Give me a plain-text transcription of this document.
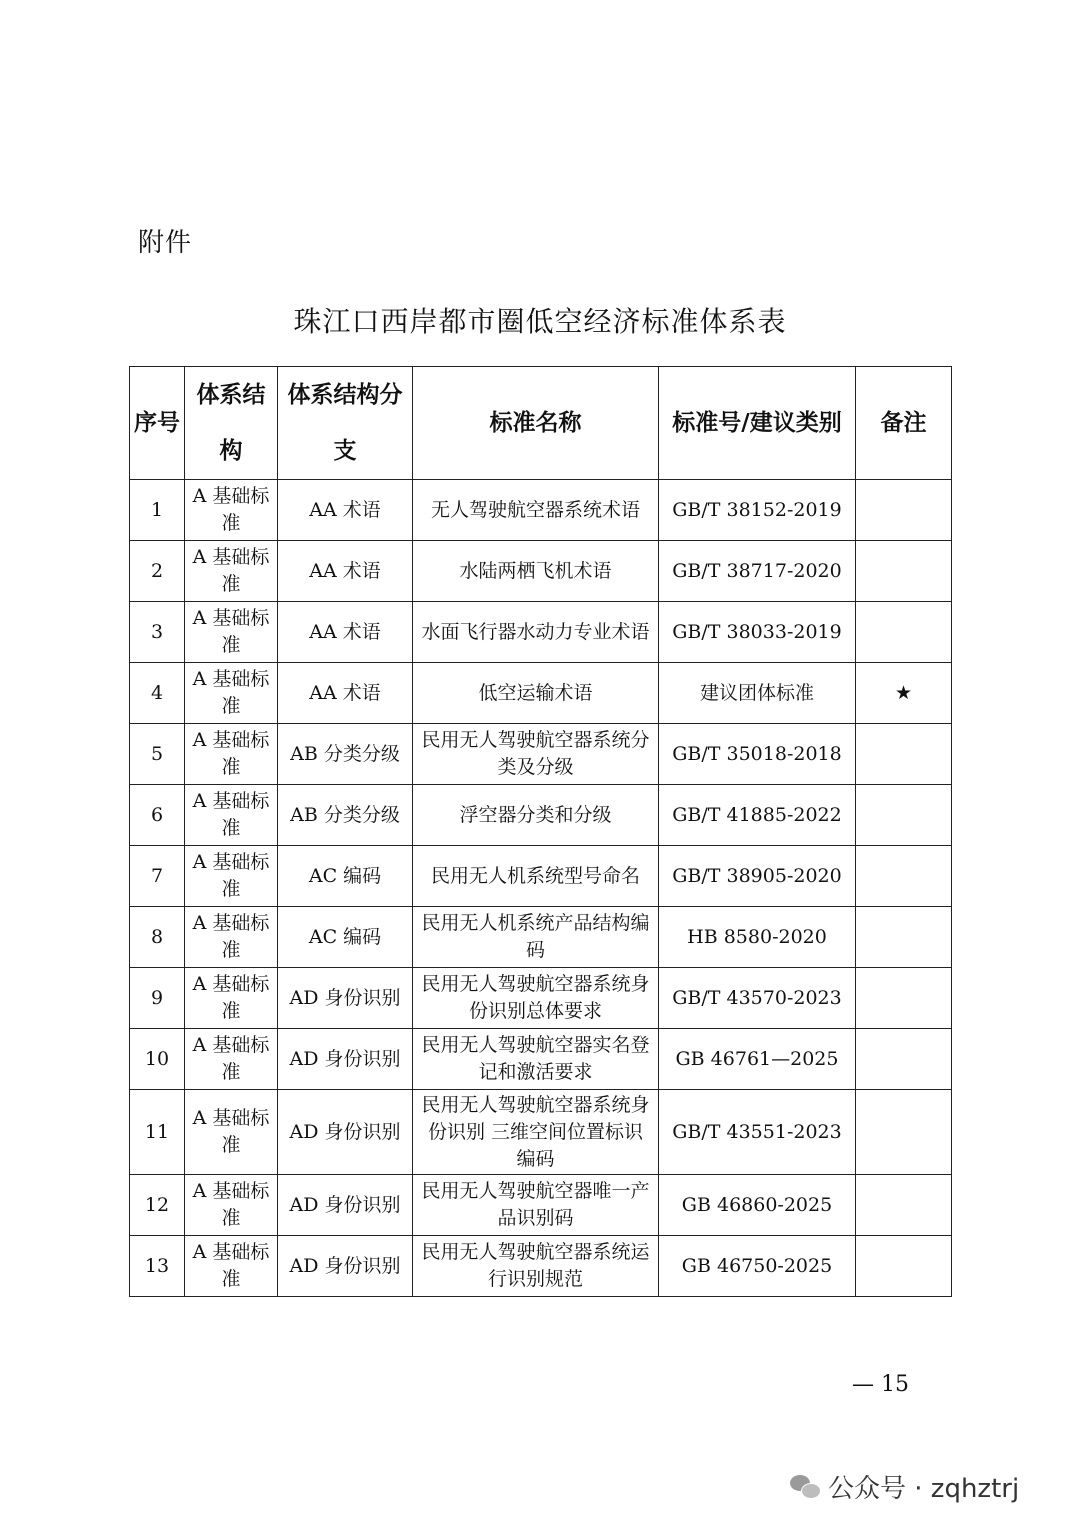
附件
珠江口西岸都市圈低空经济标准体系表
序号	体系结构	体系结构分支	标准名称	标准号/建议类别	备注
1	A 基础标准	AA 术语	无人驾驶航空器系统术语	GB/T 38152-2019	
2	A 基础标准	AA 术语	水陆两栖飞机术语	GB/T 38717-2020	
3	A 基础标准	AA 术语	水面飞行器水动力专业术语	GB/T 38033-2019	
4	A 基础标准	AA 术语	低空运输术语	建议团体标准	★
5	A 基础标准	AB 分类分级	民用无人驾驶航空器系统分类及分级	GB/T 35018-2018	
6	A 基础标准	AB 分类分级	浮空器分类和分级	GB/T 41885-2022	
7	A 基础标准	AC 编码	民用无人机系统型号命名	GB/T 38905-2020	
8	A 基础标准	AC 编码	民用无人机系统产品结构编码	HB 8580-2020	
9	A 基础标准	AD 身份识别	民用无人驾驶航空器系统身份识别总体要求	GB/T 43570-2023	
10	A 基础标准	AD 身份识别	民用无人驾驶航空器实名登记和激活要求	GB 46761—2025	
11	A 基础标准	AD 身份识别	民用无人驾驶航空器系统身份识别 三维空间位置标识编码	GB/T 43551-2023	
12	A 基础标准	AD 身份识别	民用无人驾驶航空器唯一产品识别码	GB 46860-2025	
13	A 基础标准	AD 身份识别	民用无人驾驶航空器系统运行识别规范	GB 46750-2025	
— 15
公众号 · zqhztrj
